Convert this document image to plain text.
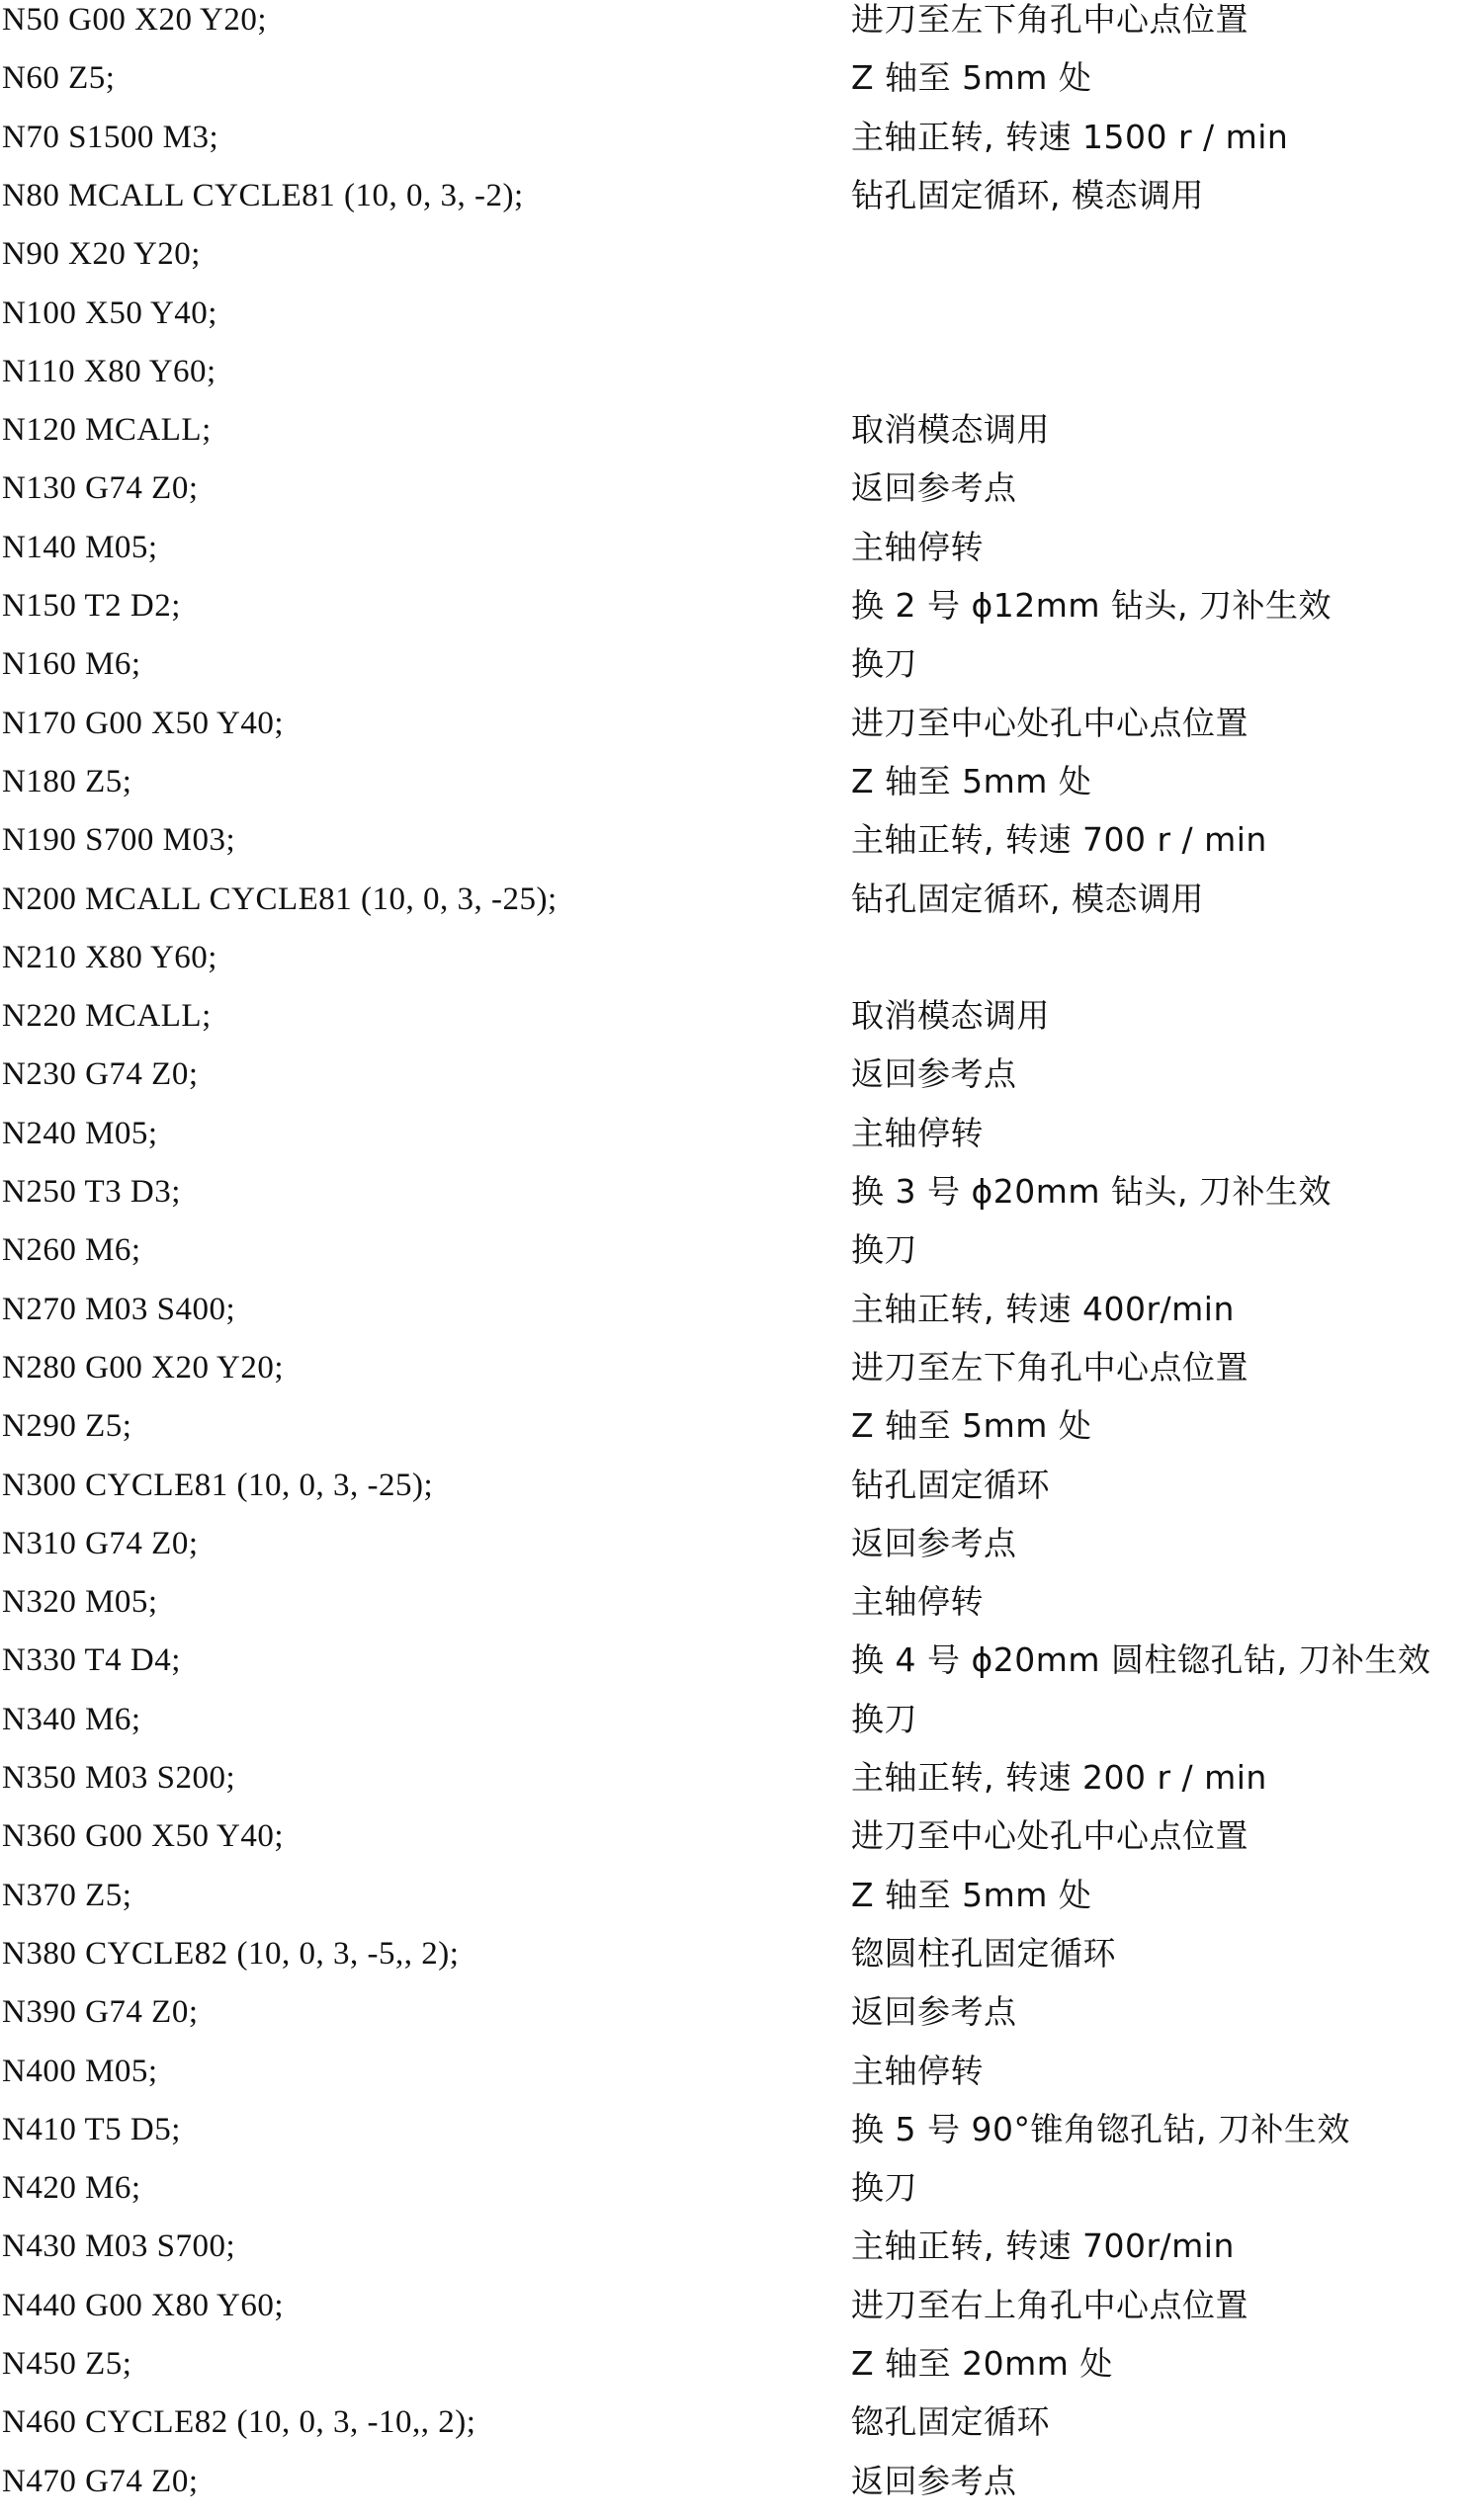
N50 G00 X20 Y20;	进刀至左下角孔中心点位置
N60 Z5;	Z 轴至 5mm 处
N70 S1500 M3;	主轴正转, 转速 1500 r / min
N80 MCALL CYCLE81 (10, 0, 3, -2);	钻孔固定循环, 模态调用
N90 X20 Y20;
N100 X50 Y40;
N110 X80 Y60;
N120 MCALL;	取消模态调用
N130 G74 Z0;	返回参考点
N140 M05;	主轴停转
N150 T2 D2;	换 2 号 ϕ12mm 钻头, 刀补生效
N160 M6;	换刀
N170 G00 X50 Y40;	进刀至中心处孔中心点位置
N180 Z5;	Z 轴至 5mm 处
N190 S700 M03;	主轴正转, 转速 700 r / min
N200 MCALL CYCLE81 (10, 0, 3, -25);	钻孔固定循环, 模态调用
N210 X80 Y60;
N220 MCALL;	取消模态调用
N230 G74 Z0;	返回参考点
N240 M05;	主轴停转
N250 T3 D3;	换 3 号 ϕ20mm 钻头, 刀补生效
N260 M6;	换刀
N270 M03 S400;	主轴正转, 转速 400r/min
N280 G00 X20 Y20;	进刀至左下角孔中心点位置
N290 Z5;	Z 轴至 5mm 处
N300 CYCLE81 (10, 0, 3, -25);	钻孔固定循环
N310 G74 Z0;	返回参考点
N320 M05;	主轴停转
N330 T4 D4;	换 4 号 ϕ20mm 圆柱锪孔钻, 刀补生效
N340 M6;	换刀
N350 M03 S200;	主轴正转, 转速 200 r / min
N360 G00 X50 Y40;	进刀至中心处孔中心点位置
N370 Z5;	Z 轴至 5mm 处
N380 CYCLE82 (10, 0, 3, -5,, 2);	锪圆柱孔固定循环
N390 G74 Z0;	返回参考点
N400 M05;	主轴停转
N410 T5 D5;	换 5 号 90°锥角锪孔钻, 刀补生效
N420 M6;	换刀
N430 M03 S700;	主轴正转, 转速 700r/min
N440 G00 X80 Y60;	进刀至右上角孔中心点位置
N450 Z5;	Z 轴至 20mm 处
N460 CYCLE82 (10, 0, 3, -10,, 2);	锪孔固定循环
N470 G74 Z0;	返回参考点
